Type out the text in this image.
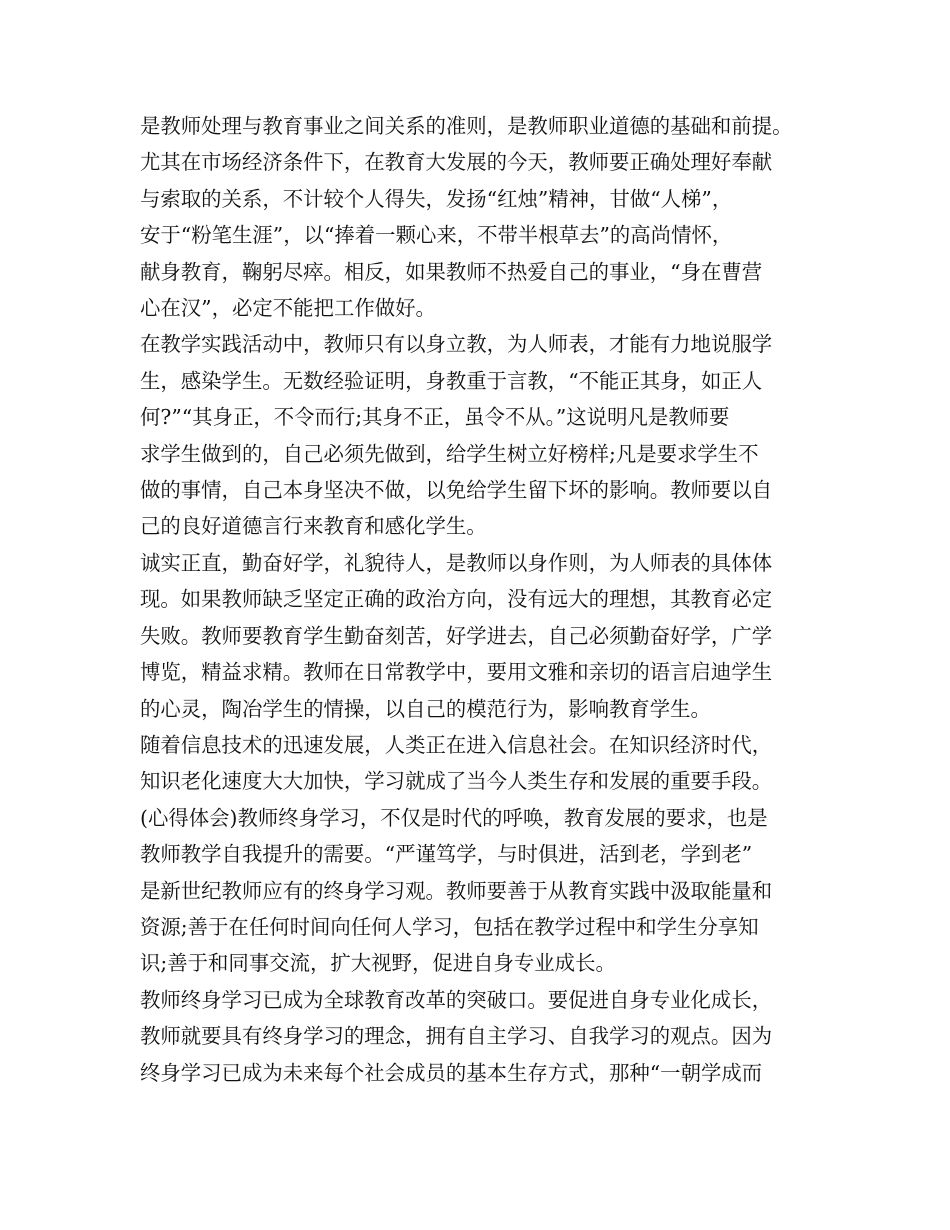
是教师处理与教育事业之间关系的准则，是教师职业道德的基础和前提。
尤其在市场经济条件下，在教育大发展的今天，教师要正确处理好奉献
与索取的关系，不计较个人得失，发扬“红烛”精神，甘做“人梯”，
安于“粉笔生涯”，以“捧着一颗心来，不带半根草去”的高尚情怀，
献身教育，鞠躬尽瘁。相反，如果教师不热爱自己的事业，“身在曹营
心在汉”，必定不能把工作做好。
在教学实践活动中，教师只有以身立教，为人师表，才能有力地说服学
生，感染学生。无数经验证明，身教重于言教，“不能正其身，如正人
何?”“其身正，不令而行;其身不正，虽令不从。”这说明凡是教师要
求学生做到的，自己必须先做到，给学生树立好榜样;凡是要求学生不
做的事情，自己本身坚决不做，以免给学生留下坏的影响。教师要以自
己的良好道德言行来教育和感化学生。
诚实正直，勤奋好学，礼貌待人，是教师以身作则，为人师表的具体体
现。如果教师缺乏坚定正确的政治方向，没有远大的理想，其教育必定
失败。教师要教育学生勤奋刻苦，好学进去，自己必须勤奋好学，广学
博览，精益求精。教师在日常教学中，要用文雅和亲切的语言启迪学生
的心灵，陶冶学生的情操，以自己的模范行为，影响教育学生。
随着信息技术的迅速发展，人类正在进入信息社会。在知识经济时代，
知识老化速度大大加快，学习就成了当今人类生存和发展的重要手段。
(心得体会)教师终身学习，不仅是时代的呼唤，教育发展的要求，也是
教师教学自我提升的需要。“严谨笃学，与时俱进，活到老，学到老”
是新世纪教师应有的终身学习观。教师要善于从教育实践中汲取能量和
资源;善于在任何时间向任何人学习，包括在教学过程中和学生分享知
识;善于和同事交流，扩大视野，促进自身专业成长。
教师终身学习已成为全球教育改革的突破口。要促进自身专业化成长，
教师就要具有终身学习的理念，拥有自主学习、自我学习的观点。因为
终身学习已成为未来每个社会成员的基本生存方式，那种“一朝学成而
